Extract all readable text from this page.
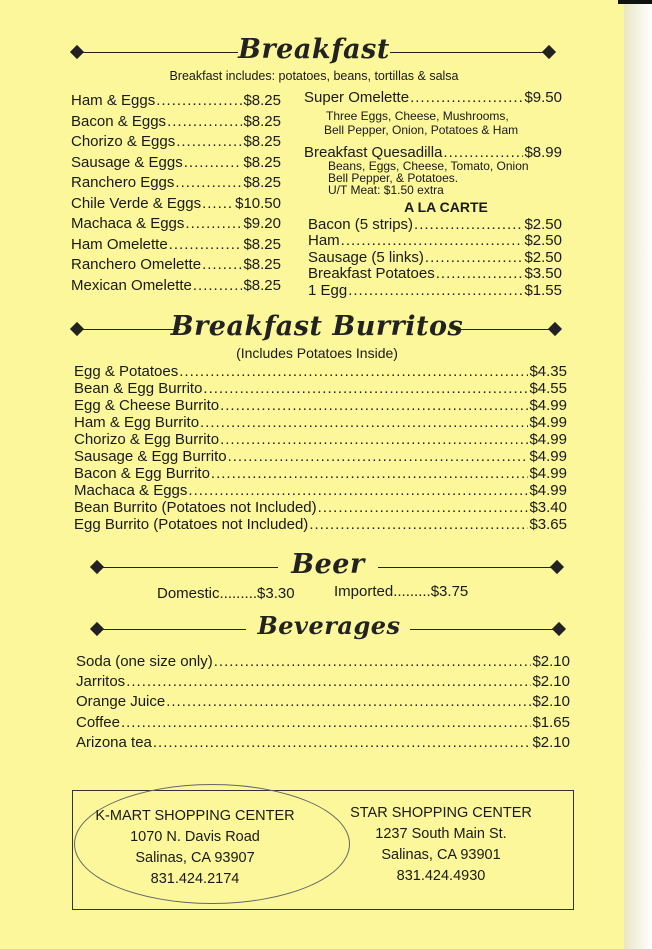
Breakfast
Breakfast includes: potatoes, beans, tortillas & salsa
Ham & Eggs .....	$8.25
Bacon & Eggs .....	$8.25
Chorizo & Eggs .....	$8.25
Sausage & Eggs .....	$8.25
Ranchero Eggs .....	$8.25
Chile Verde & Eggs ..... $10.50
Machaca & Eggs .....	$9.20
Ham Omelette .....	$8.25
Ranchero Omelette .....	$8.25
Mexican Omelette .....	$8.25
Super Omelette .....	$9.50
Three Eggs, Cheese, Mushrooms,
Bell Pepper, Onion, Potatoes & Ham
Breakfast Quesadilla .....	$8.99
Beans, Eggs, Cheese, Tomato, Onion
Bell Pepper, & Potatoes.
U/T Meat: $1.50 extra
A LA CARTE
Bacon (5 strips) .....	$2.50
Ham .....	$2.50
Sausage (5 links) .....	$2.50
Breakfast Potatoes .....	$3.50
1 Egg .....	$1.55
Breakfast Burritos
(Includes Potatoes Inside)
Egg & Potatoes .....	$4.35
Bean & Egg Burrito .....	$4.55
Egg & Cheese Burrito .....	$4.99
Ham & Egg Burrito .....	$4.99
Chorizo & Egg Burrito .....	$4.99
Sausage & Egg Burrito .....	$4.99
Bacon & Egg Burrito .....	$4.99
Machaca & Eggs .....	$4.99
Bean Burrito (Potatoes not Included) .....	$3.40
Egg Burrito (Potatoes not Included) .....	$3.65
Beer
Domestic.........$3.30	Imported.........$3.75
Beverages
Soda (one size only) .....	$2.10
Jarritos .....	$2.10
Orange Juice .....	$2.10
Coffee .....	$1.65
Arizona tea .....	$2.10
K-MART SHOPPING CENTER
1070 N. Davis Road
Salinas, CA 93907
831.424.2174
STAR SHOPPING CENTER
1237 South Main St.
Salinas, CA 93901
831.424.4930
